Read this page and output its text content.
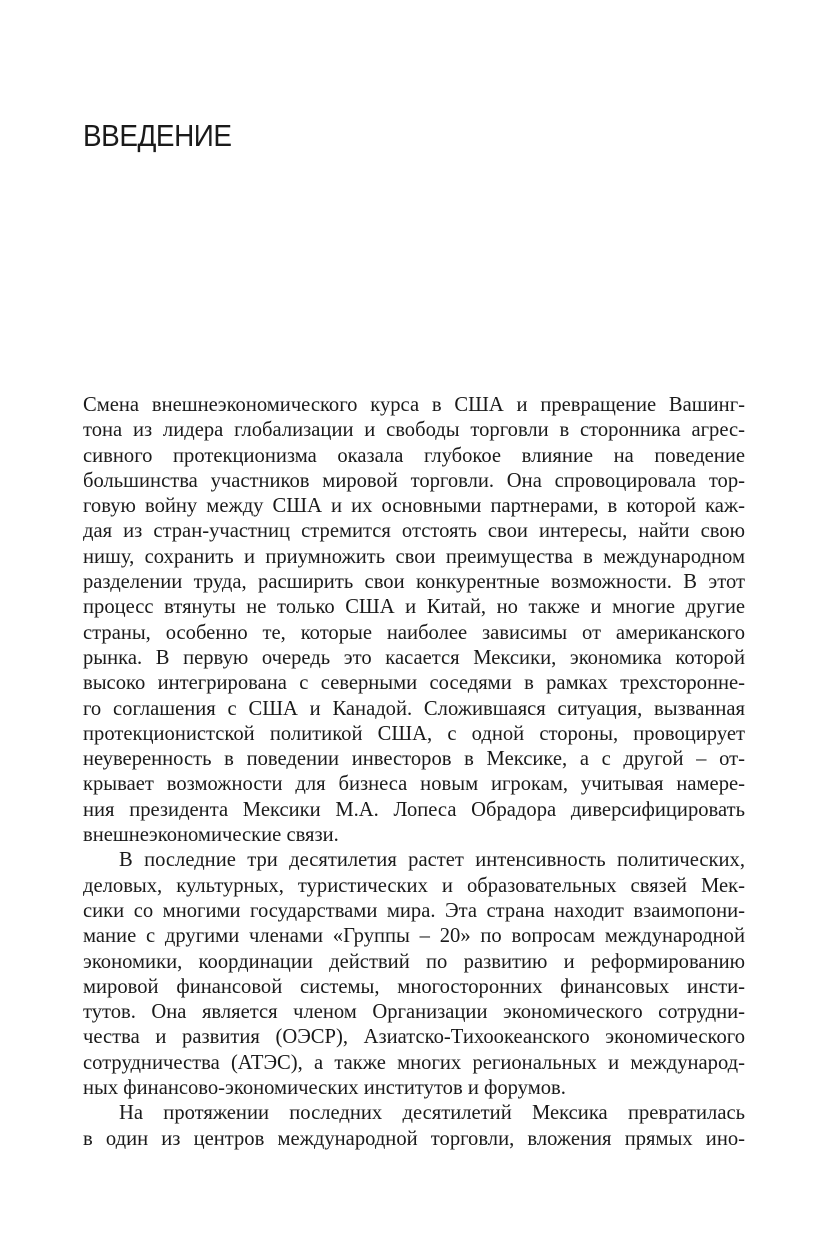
ВВЕДЕНИЕ
Смена внешнеэкономического курса в США и превращение Вашинг-
тона из лидера глобализации и свободы торговли в сторонника агрес-
сивного протекционизма оказала глубокое влияние на поведение
большинства участников мировой торговли. Она спровоцировала тор-
говую войну между США и их основными партнерами, в которой каж-
дая из стран-участниц стремится отстоять свои интересы, найти свою
нишу, сохранить и приумножить свои преимущества в международном
разделении труда, расширить свои конкурентные возможности. В этот
процесс втянуты не только США и Китай, но также и многие другие
страны, особенно те, которые наиболее зависимы от американского
рынка. В первую очередь это касается Мексики, экономика которой
высоко интегрирована с северными соседями в рамках трехсторонне-
го соглашения с США и Канадой. Сложившаяся ситуация, вызванная
протекционистской политикой США, с одной стороны, провоцирует
неуверенность в поведении инвесторов в Мексике, а с другой – от-
крывает возможности для бизнеса новым игрокам, учитывая намере-
ния президента Мексики М.А. Лопеса Обрадора диверсифицировать
внешнеэкономические связи.
В последние три десятилетия растет интенсивность политических,
деловых, культурных, туристических и образовательных связей Мек-
сики со многими государствами мира. Эта страна находит взаимопони-
мание с другими членами «Группы – 20» по вопросам международной
экономики, координации действий по развитию и реформированию
мировой финансовой системы, многосторонних финансовых инсти-
тутов. Она является членом Организации экономического сотрудни-
чества и развития (ОЭСР), Азиатско-Тихоокеанского экономического
сотрудничества (АТЭС), а также многих региональных и международ-
ных финансово-экономических институтов и форумов.
На протяжении последних десятилетий Мексика превратилась
в один из центров международной торговли, вложения прямых ино-
